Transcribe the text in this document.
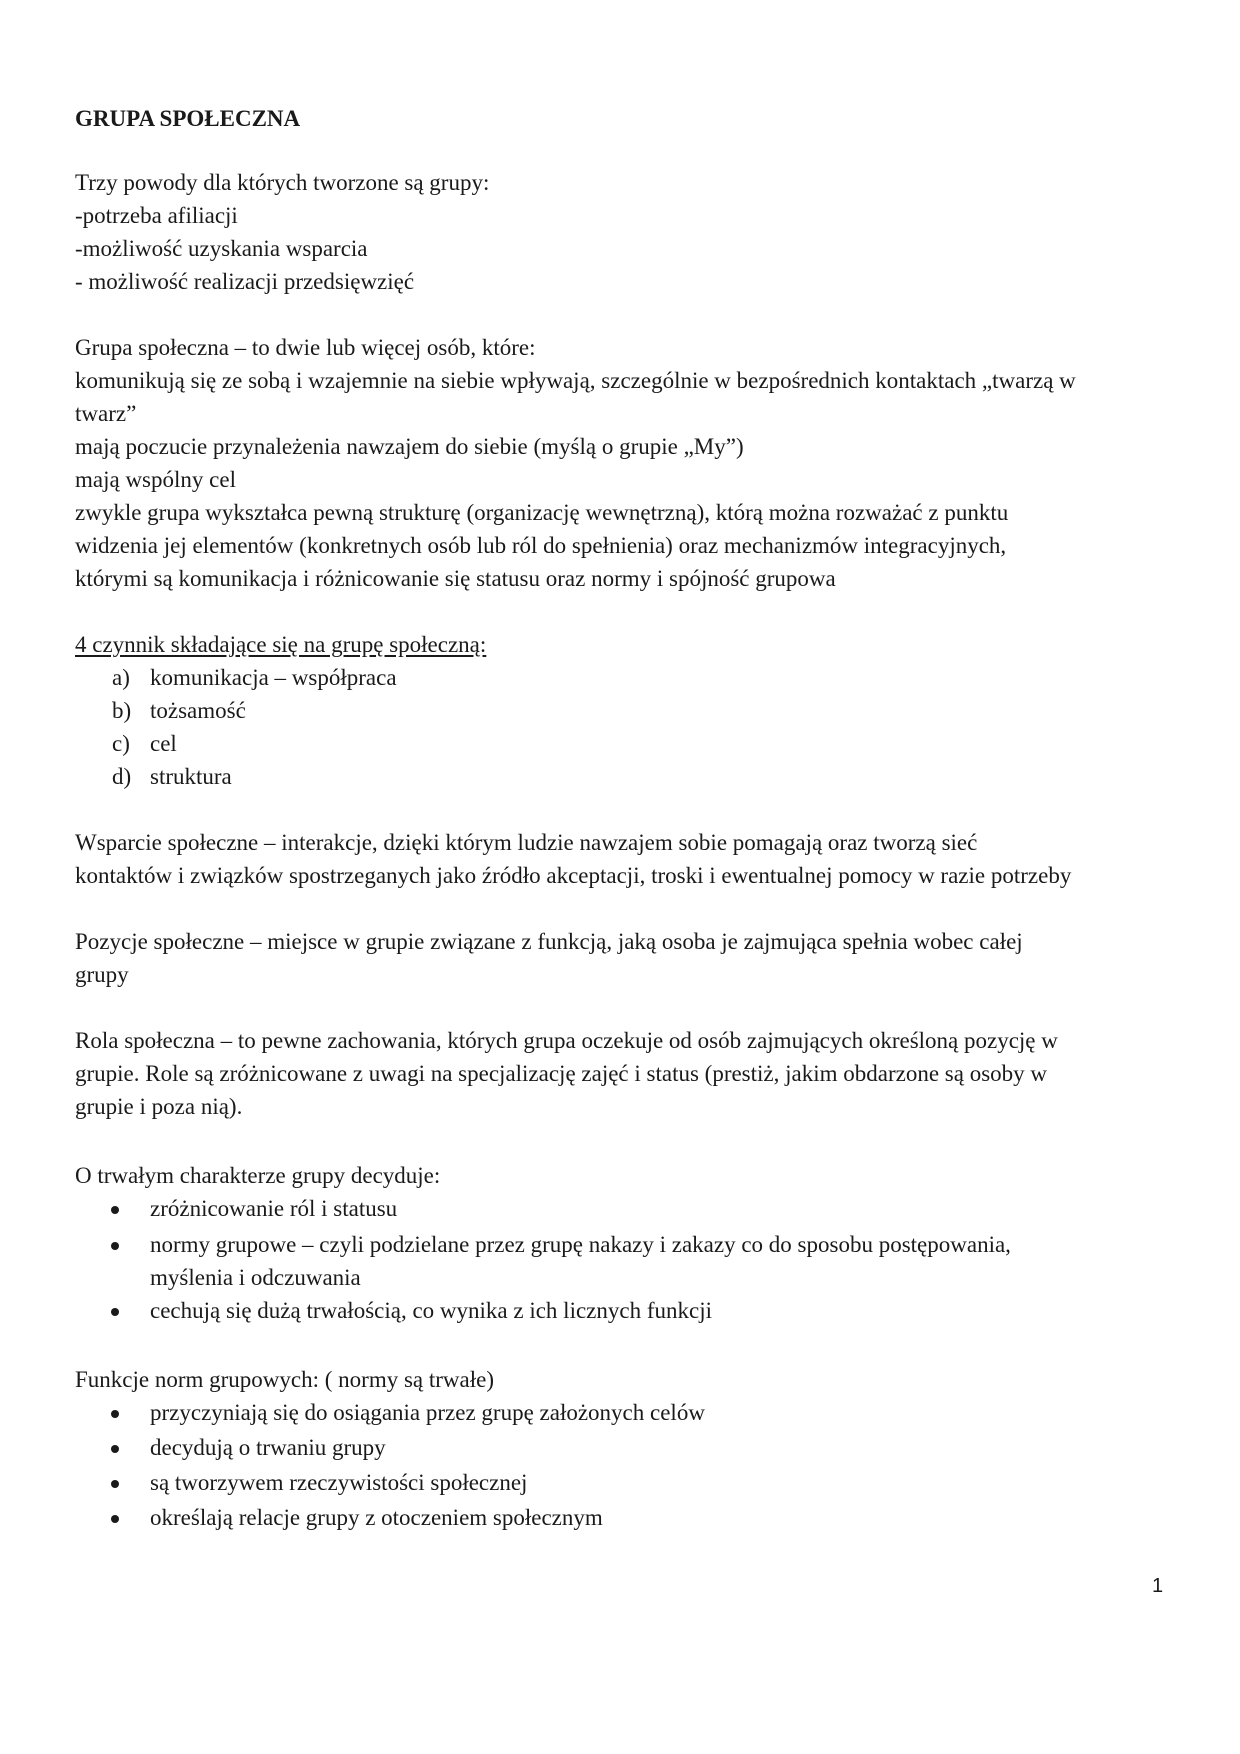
GRUPA SPOŁECZNA
Trzy powody dla których tworzone są grupy:
-potrzeba afiliacji
-możliwość uzyskania wsparcia
- możliwość realizacji przedsięwzięć
Grupa społeczna – to dwie lub więcej osób, które:
komunikują się ze sobą i wzajemnie na siebie wpływają, szczególnie w bezpośrednich kontaktach „twarzą w
twarz”
mają poczucie przynależenia nawzajem do siebie (myślą o grupie „My”)
mają wspólny cel
zwykle grupa wykształca pewną strukturę (organizację wewnętrzną), którą można rozważać z punktu
widzenia jej elementów (konkretnych osób lub ról do spełnienia) oraz mechanizmów integracyjnych,
którymi są komunikacja i różnicowanie się statusu oraz normy i spójność grupowa
4 czynnik składające się na grupę społeczną:
a) komunikacja – współpraca
b) tożsamość
c) cel
d) struktura
Wsparcie społeczne – interakcje, dzięki którym ludzie nawzajem sobie pomagają oraz tworzą sieć
kontaktów i związków spostrzeganych jako źródło akceptacji, troski i ewentualnej pomocy w razie potrzeby
Pozycje społeczne – miejsce w grupie związane z funkcją, jaką osoba je zajmująca spełnia wobec całej
grupy
Rola społeczna – to pewne zachowania, których grupa oczekuje od osób zajmujących określoną pozycję w
grupie. Role są zróżnicowane z uwagi na specjalizację zajęć i status (prestiż, jakim obdarzone są osoby w
grupie i poza nią).
O trwałym charakterze grupy decyduje:
zróżnicowanie ról i statusu
normy grupowe – czyli podzielane przez grupę nakazy i zakazy co do sposobu postępowania,
myślenia i odczuwania
cechują się dużą trwałością, co wynika z ich licznych funkcji
Funkcje norm grupowych: ( normy są trwałe)
przyczyniają się do osiągania przez grupę założonych celów
decydują o trwaniu grupy
są tworzywem rzeczywistości społecznej
określają relacje grupy z otoczeniem społecznym
1
